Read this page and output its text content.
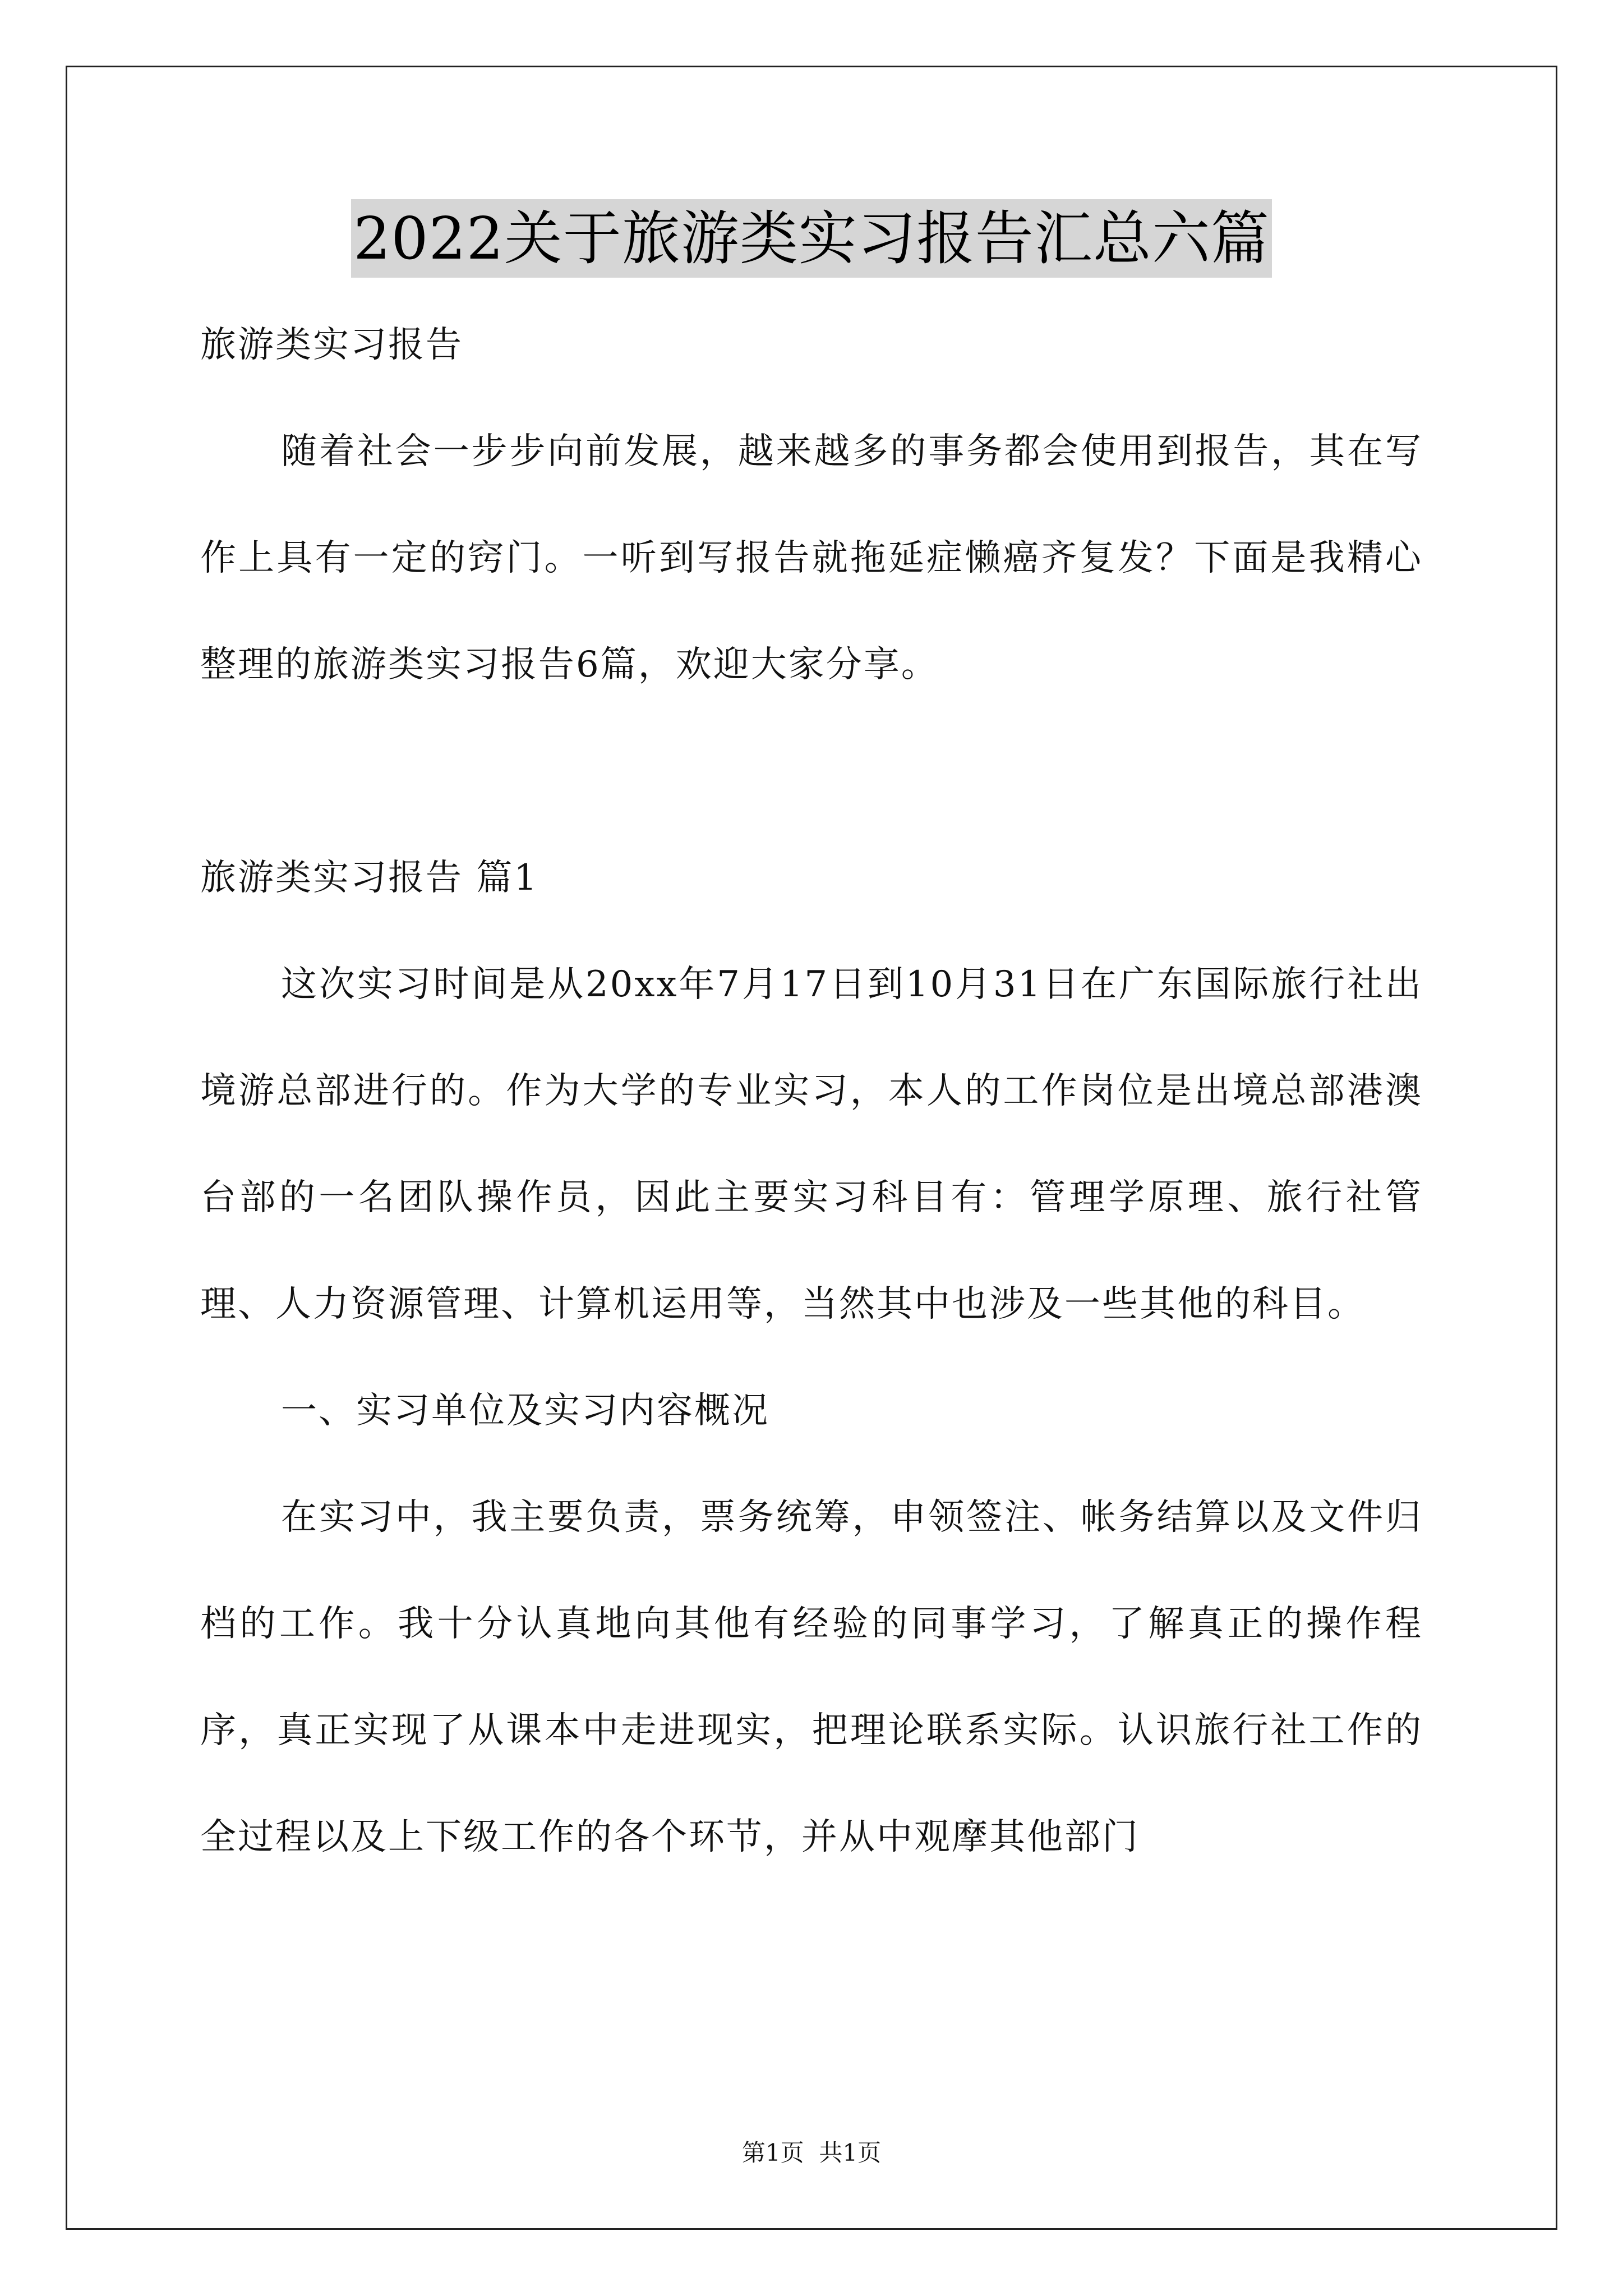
2022关于旅游类实习报告汇总六篇

旅游类实习报告

随着社会一步步向前发展，越来越多的事务都会使用到报告，其在写作上具有一定的窍门。一听到写报告就拖延症懒癌齐复发？下面是我精心整理的旅游类实习报告6篇，欢迎大家分享。

旅游类实习报告 篇1

这次实习时间是从20xx年7月17日到10月31日在广东国际旅行社出境游总部进行的。作为大学的专业实习，本人的工作岗位是出境总部港澳台部的一名团队操作员，因此主要实习科目有：管理学原理、旅行社管理、人力资源管理、计算机运用等，当然其中也涉及一些其他的科目。

一、实习单位及实习内容概况

在实习中，我主要负责，票务统筹，申领签注、帐务结算以及文件归档的工作。我十分认真地向其他有经验的同事学习，了解真正的操作程序，真正实现了从课本中走进现实，把理论联系实际。认识旅行社工作的全过程以及上下级工作的各个环节，并从中观摩其他部门

第1页  共1页
